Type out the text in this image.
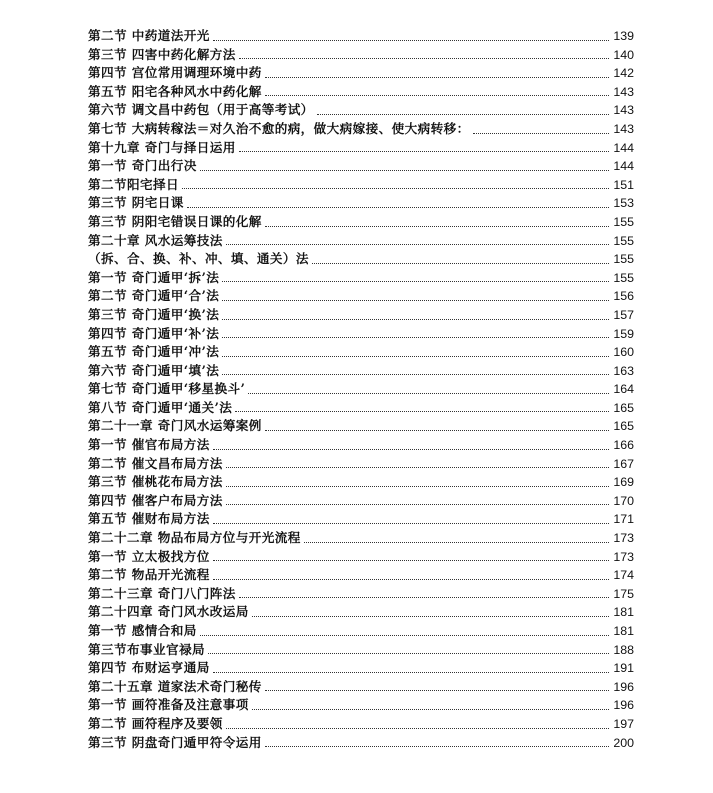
第二节 中药道法开光	139
第三节 四害中药化解方法	140
第四节 宫位常用调理环境中药	142
第五节 阳宅各种风水中药化解	143
第六节 调文昌中药包（用于高等考试）	143
第七节 大病转稼法＝对久治不愈的病，做大病嫁接、使大病转移：	143
第十九章 奇门与择日运用	144
第一节 奇门出行决	144
第二节阳宅择日	151
第三节 阴宅日课	153
第三节 阴阳宅错误日课的化解	155
第二十章 风水运筹技法	155
（拆、合、换、补、冲、填、通关）法	155
第一节 奇门遁甲‘拆’法	155
第二节 奇门遁甲‘合’法	156
第三节 奇门遁甲‘换’法	157
第四节 奇门遁甲‘补’法	159
第五节 奇门遁甲‘冲’法	160
第六节 奇门遁甲‘填’法	163
第七节 奇门遁甲‘移星换斗’	164
第八节 奇门遁甲‘通关’法	165
第二十一章 奇门风水运筹案例	165
第一节 催官布局方法	166
第二节 催文昌布局方法	167
第三节 催桃花布局方法	169
第四节 催客户布局方法	170
第五节 催财布局方法	171
第二十二章 物品布局方位与开光流程	173
第一节 立太极找方位	173
第二节 物品开光流程	174
第二十三章 奇门八门阵法	175
第二十四章 奇门风水改运局	181
第一节 感情合和局	181
第三节布事业官禄局	188
第四节 布财运亨通局	191
第二十五章 道家法术奇门秘传	196
第一节 画符准备及注意事项	196
第二节 画符程序及要领	197
第三节 阴盘奇门遁甲符令运用	200
